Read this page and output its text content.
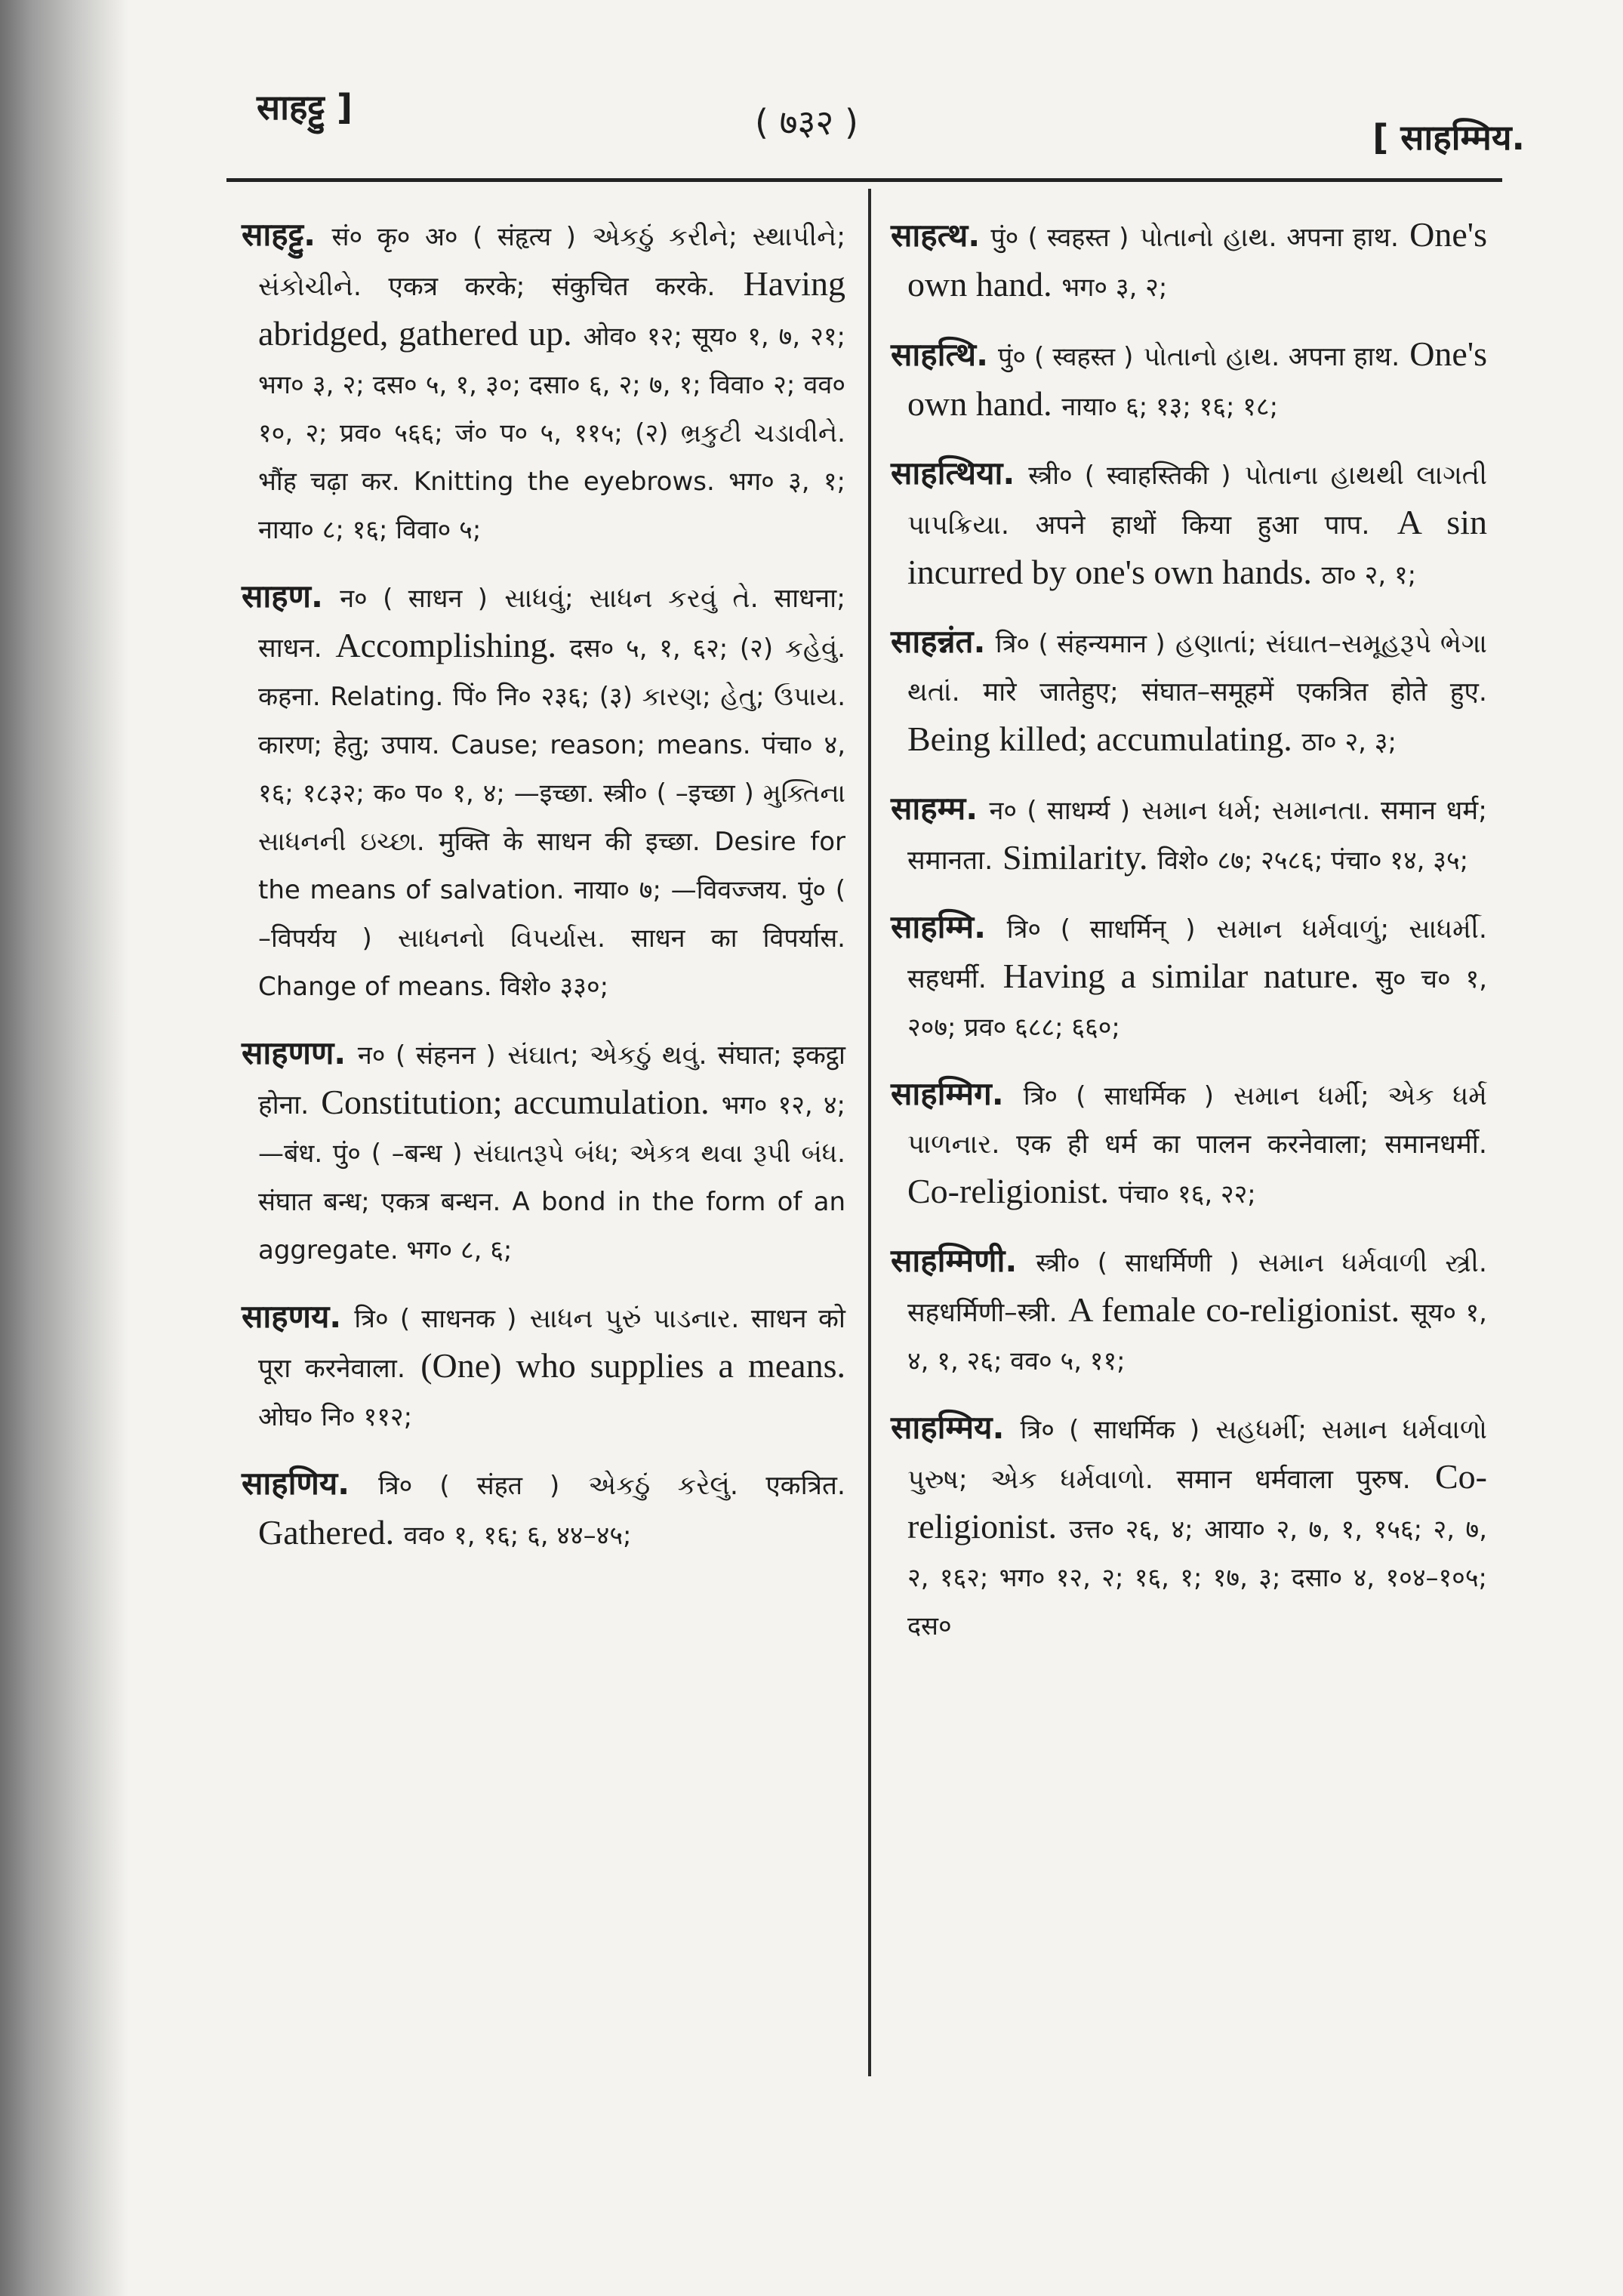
साहट्टु ]	( ७३२ )	[ साहम्मिय.

साहट्टु. सं० कृ० अ० ( संहृत्य ) એકઠું કરીને; સ્થાપીને; સંકોચીને. एकत्र करके; संकुचित करके. Having abridged, gathered up. ओव० १२; सूय० १, ७, २१; भग० ३, २; दस० ५, १, ३०; दसा० ६, २; ७, १; विवा० २; वव० १०, २; प्रव० ५६६; जं० प० ५, ११५; (२) ભ્રકુટી ચડાવીને. भौंह चढ़ा कर. Knitting the eyebrows. भग० ३, १; नाया० ८; १६; विवा० ५;

साहण. न० ( साधन ) સાધવું; સાધન કરવું તે. साधना; साधन. Accomplishing. दस० ५, १, ६२; (२) કહેવું. कहना. Relating. पिं० नि० २३६; (३) કારણ; હેતુ; ઉપાય. कारण; हेतु; उपाय. Cause; reason; means. पंचा० ४, १६; १८३२; क० प० १, ४; —इच्छा. स्त्री० ( –इच्छा ) મુક્તિના સાધનની ઇચ્છા. मुक्ति के साधन की इच्छा. Desire for the means of salvation. नाया० ७; —विवज्जय. पुं० ( –विपर्यय ) સાધનનો વિપર્યાસ. साधन का विपर्यास. Change of means. विशे० ३३०;

साहणण. न० ( संहनन ) સંઘાત; એકઠું થવું. संघात; इकट्ठा होना. Constitution; accumulation. भग० १२, ४; —बंध. पुं० ( –बन्ध ) સંઘાતરૂપે બંધ; એકત્ર થવા રૂપી બંધ. संघात बन्ध; एकत्र बन्धन. A bond in the form of an aggregate. भग० ८, ६;

साहणय. त्रि० ( साधनक ) સાધન પુરું પાડનાર. साधन को पूरा करनेवाला. (One) who supplies a means. ओघ० नि० ११२;

साहणिय. त्रि० ( संहत ) એકઠું કરેલું. एकत्रित. Gathered. वव० १, १६; ६, ४४–४५;

साहत्थ. पुं० ( स्वहस्त ) પોતાનો હાથ. अपना हाथ. One's own hand. भग० ३, २;

साहत्थि. पुं० ( स्वहस्त ) પોતાનો હાથ. अपना हाथ. One's own hand. नाया० ६; १३; १६; १८;

साहत्थिया. स्त्री० ( स्वाहस्तिकी ) પોતાના હાથથી લાગતી પાપક્રિયા. अपने हाथों किया हुआ पाप. A sin incurred by one's own hands. ठा० २, १;

साहन्नंत. त्रि० ( संहन्यमान ) હણાતાં; સંઘાત–સમૂહરૂપે ભેગા થતાં. मारे जातेहुए; संघात–समूहमें एकत्रित होते हुए. Being killed; accumulating. ठा० २, ३;

साहम्म. न० ( साधर्म्य ) સમાન ધર્મ; સમાનતા. समान धर्म; समानता. Similarity. विशे० ८७; २५८६; पंचा० १४, ३५;

साहम्मि. त्रि० ( साधर्मिन् ) સમાન ધર્મવાળું; સાધર્મી. सहधर्मी. Having a similar nature. सु० च० १, २०७; प्रव० ६८८; ६६०;

साहम्मिग. त्रि० ( साधर्मिक ) સમાન ધર્મી; એક ધર્મ પાળનાર. एक ही धर्म का पालन करनेवाला; समानधर्मी. Co-religionist. पंचा० १६, २२;

साहम्मिणी. स्त्री० ( साधर्मिणी ) સમાન ધર્મવાળી સ્ત્રી. सहधर्मिणी–स्त्री. A female co-religionist. सूय० १, ४, १, २६; वव० ५, ११;

साहम्मिय. त्रि० ( साधर्मिक ) સહધર્મી; સમાન ધર્મવાળો પુરુષ; એક ધર્મવાળો. समान धर्मवाला पुरुष. Co-religionist. उत्त० २६, ४; आया० २, ७, १, १५६; २, ७, २, १६२; भग० १२, २; १६, १; १७, ३; दसा० ४, १०४–१०५; दस०
